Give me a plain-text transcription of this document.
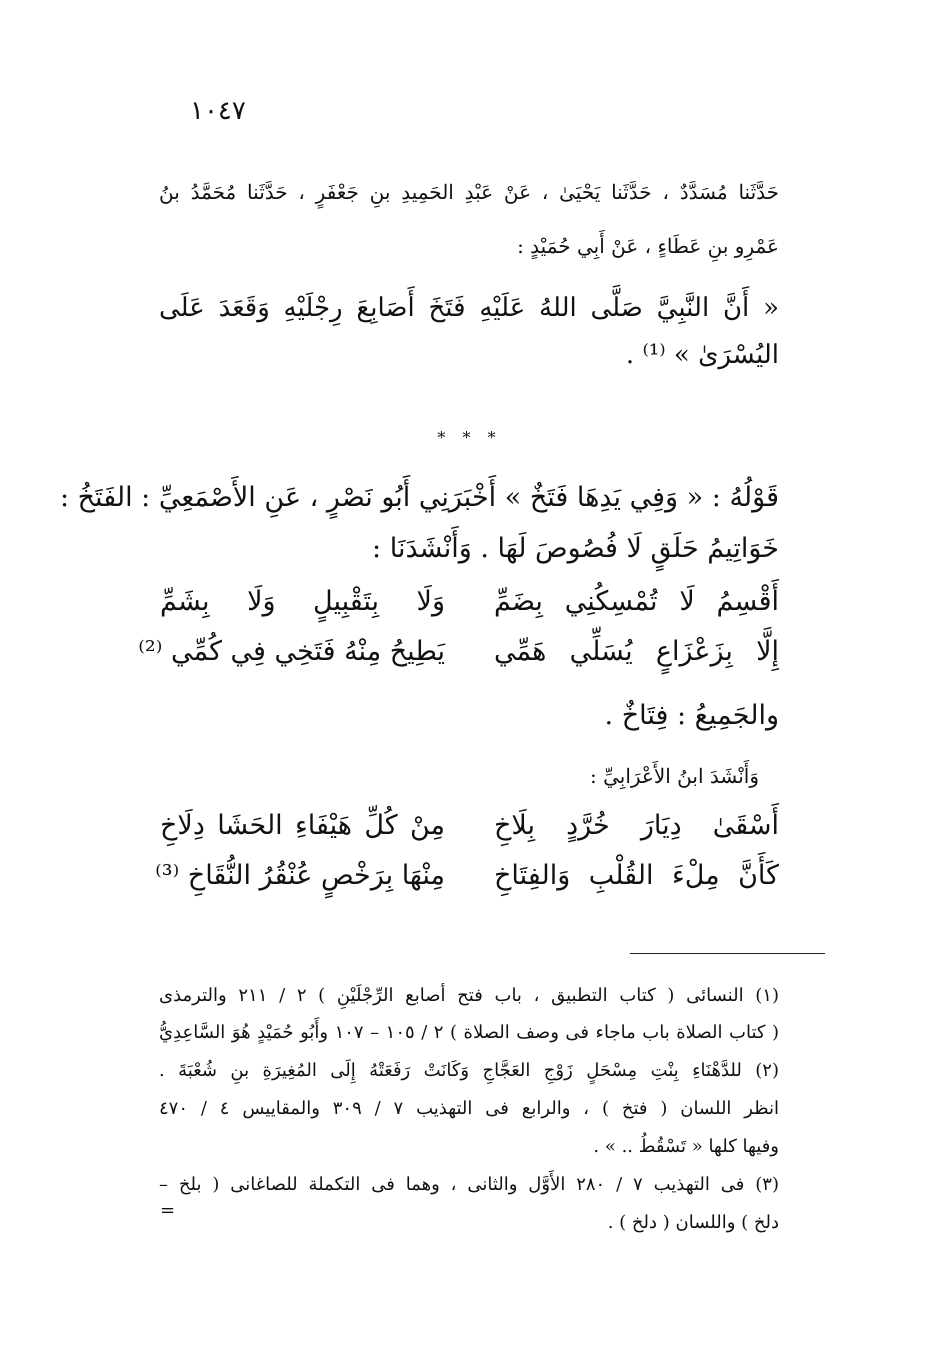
١٠٤٧

حَدَّثَنا مُسَدَّدٌ ، حَدَّثَنا يَحْيَىٰ ، عَنْ عَبْدِ الحَمِيدِ بنِ جَعْفَرٍ ، حَدَّثَنا مُحَمَّدُ بنُ

عَمْرِو بنِ عَطَاءٍ ، عَنْ أَبِي حُمَيْدٍ :

« أَنَّ النَّبِيَّ صَلَّى اللهُ عَلَيْهِ فَتَخَ أَصَابِعَ رِجْلَيْهِ وَقَعَدَ عَلَى

اليُسْرَىٰ » ⁽¹⁾ .

* * *

قَوْلُهُ : « وَفِي يَدِهَا فَتَخٌ » أَخْبَرَنِي أَبُو نَصْرٍ ، عَنِ الأَصْمَعِيِّ : الفَتَخُ :

خَوَاتِيمُ حَلَقٍ لَا فُصُوصَ لَهَا . وَأَنْشَدَنَا :

أَقْسِمُ لَا تُمْسِكُنِي بِضَمِّ
وَلَا بِتَقْبِيلٍ وَلَا بِشَمِّ
إِلَّا بِزَعْزَاعٍ يُسَلِّي هَمِّي
يَطِيحُ مِنْهُ فَتَخِي فِي كُمِّي ⁽²⁾

والجَمِيعُ : فِتَاخٌ .

وَأَنْشَدَ ابنُ الأَعْرَابِيِّ :

أَسْقَىٰ دِيَارَ خُرَّدٍ بِلَاخِ
مِنْ كُلِّ هَيْفَاءِ الحَشَا دِلَاخِ
كَأَنَّ مِلْءَ القُلْبِ وَالفِتَاخِ
مِنْهَا بِرَخْصٍ عُنْقُرُ النُّقَاخِ ⁽³⁾

(١) النسائى ( كتاب التطبيق ، باب فتح أصابع الرِّجْلَيْنِ ) ٢ / ٢١١ والترمذى

( كتاب الصلاة باب ماجاء فى وصف الصلاة ) ٢ / ١٠٥ – ١٠٧ وأَبُو حُمَيْدٍ هُوَ السَّاعِدِيُّ

(٢) للدَّهْنَاءِ بِنْتِ مِسْحَلٍ زَوْجِ العَجَّاجِ وَكَانَتْ رَفَعَتْهُ إِلَى المُغِيرَةِ بنِ شُعْبَةَ .

انظر اللسان ( فتخ ) ، والرابع فى التهذيب ٧ / ٣٠٩ والمقاييس ٤ / ٤٧٠

وفيها كلها « تَسْقُطُ .. » .

(٣) فى التهذيب ٧ / ٢٨٠ الأَوَّل والثانى ، وهما فى التكملة للصاغانى ( بلخ –

=

دلخ ) واللسان ( دلخ ) .
